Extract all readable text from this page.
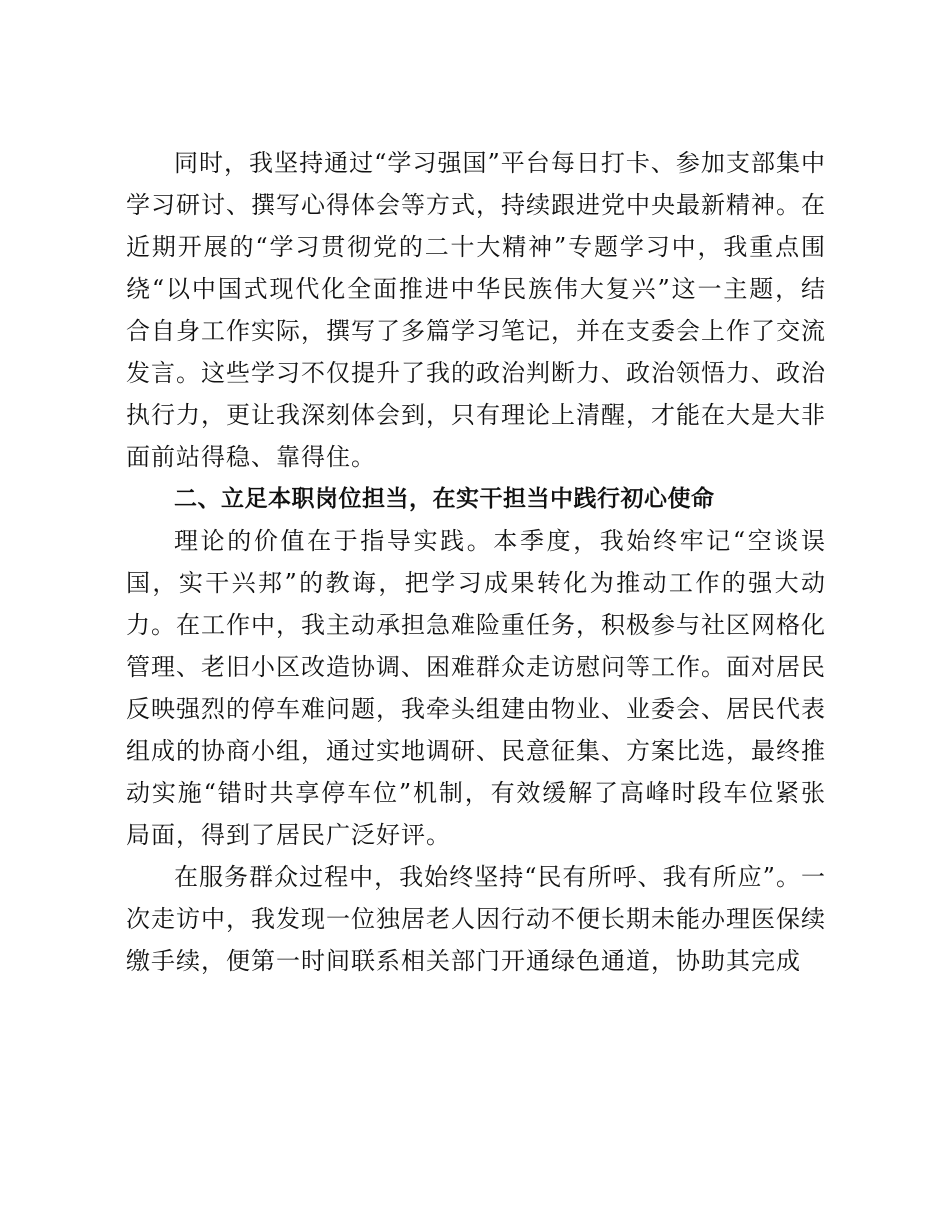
同时，我坚持通过“学习强国”平台每日打卡、参加支部集中学习研讨、撰写心得体会等方式，持续跟进党中央最新精神。在近期开展的“学习贯彻党的二十大精神”专题学习中，我重点围绕“以中国式现代化全面推进中华民族伟大复兴”这一主题，结合自身工作实际，撰写了多篇学习笔记，并在支委会上作了交流发言。这些学习不仅提升了我的政治判断力、政治领悟力、政治执行力，更让我深刻体会到，只有理论上清醒，才能在大是大非面前站得稳、靠得住。

二、立足本职岗位担当，在实干担当中践行初心使命

理论的价值在于指导实践。本季度，我始终牢记“空谈误国，实干兴邦”的教诲，把学习成果转化为推动工作的强大动力。在工作中，我主动承担急难险重任务，积极参与社区网格化管理、老旧小区改造协调、困难群众走访慰问等工作。面对居民反映强烈的停车难问题，我牵头组建由物业、业委会、居民代表组成的协商小组，通过实地调研、民意征集、方案比选，最终推动实施“错时共享停车位”机制，有效缓解了高峰时段车位紧张局面，得到了居民广泛好评。

在服务群众过程中，我始终坚持“民有所呼、我有所应”。一次走访中，我发现一位独居老人因行动不便长期未能办理医保续缴手续，便第一时间联系相关部门开通绿色通道，协助其完成
